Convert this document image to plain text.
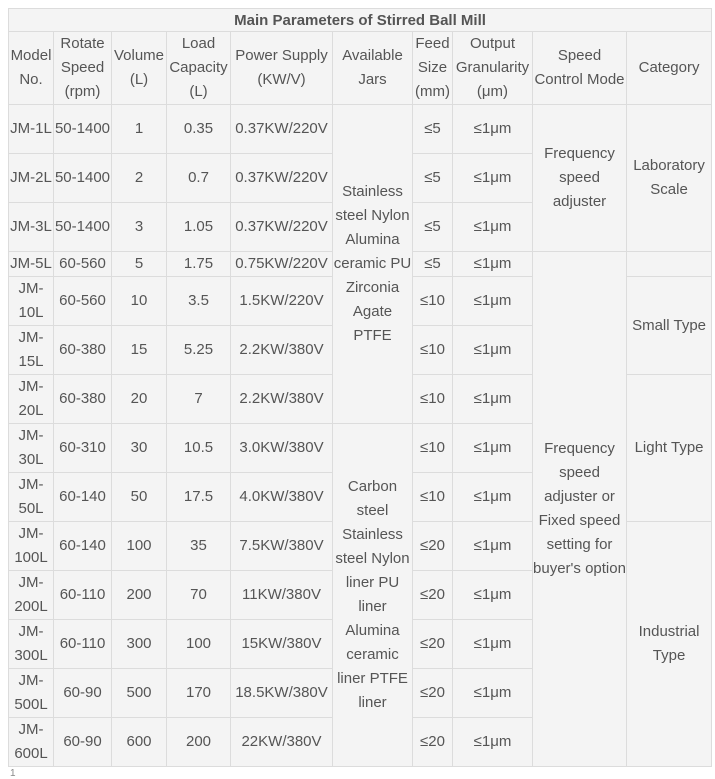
Main Parameters of Stirred Ball Mill									
Model No.	Rotate Speed (rpm)	Volume (L)	Load Capacity (L)	Power Supply (KW/V)	Available Jars	Feed Size (mm)	Output Granularity (μm)	Speed Control Mode	Category
JM-1L	50-1400	1	0.35	0.37KW/220V	Stainless steel Nylon Alumina ceramic PU Zirconia Agate PTFE	≤5	≤1μm	Frequency speed adjuster	Laboratory Scale
JM-2L	50-1400	2	0.7	0.37KW/220V		≤5	≤1μm		
JM-3L	50-1400	3	1.05	0.37KW/220V		≤5	≤1μm		
JM-5L	60-560	5	1.75	0.75KW/220V		≤5	≤1μm	Frequency speed adjuster or Fixed speed setting for buyer's option	
JM-10L	60-560	10	3.5	1.5KW/220V		≤10	≤1μm		Small Type
JM-15L	60-380	15	5.25	2.2KW/380V		≤10	≤1μm		
JM-20L	60-380	20	7	2.2KW/380V		≤10	≤1μm		Light Type
JM-30L	60-310	30	10.5	3.0KW/380V	Carbon steel Stainless steel Nylon liner PU liner Alumina ceramic liner PTFE liner	≤10	≤1μm		
JM-50L	60-140	50	17.5	4.0KW/380V		≤10	≤1μm		
JM-100L	60-140	100	35	7.5KW/380V		≤20	≤1μm		Industrial Type
JM-200L	60-110	200	70	11KW/380V		≤20	≤1μm		
JM-300L	60-110	300	100	15KW/380V		≤20	≤1μm		
JM-500L	60-90	500	170	18.5KW/380V		≤20	≤1μm		
JM-600L	60-90	600	200	22KW/380V		≤20	≤1μm		
1
